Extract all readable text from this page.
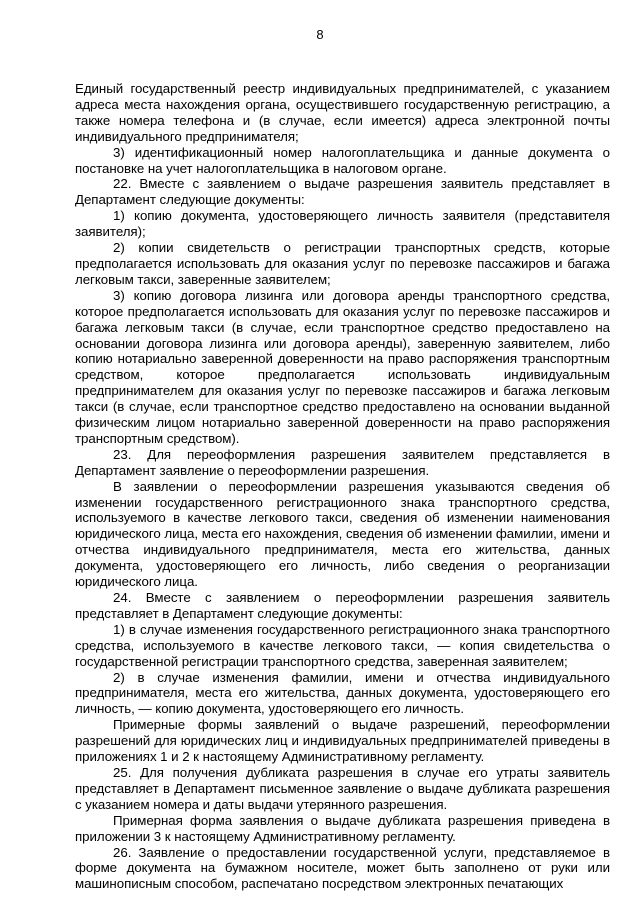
8

Единый государственный реестр индивидуальных предпринимателей, с указанием адреса места нахождения органа, осуществившего государственную регистрацию, а также номера телефона и (в случае, если имеется) адреса электронной почты индивидуального предпринимателя;

3) идентификационный номер налогоплательщика и данные документа о постановке на учет налогоплательщика в налоговом органе.

22. Вместе с заявлением о выдаче разрешения заявитель представляет в Департамент следующие документы:

1) копию документа, удостоверяющего личность заявителя (представителя заявителя);

2) копии свидетельств о регистрации транспортных средств, которые предполагается использовать для оказания услуг по перевозке пассажиров и багажа легковым такси, заверенные заявителем;

3) копию договора лизинга или договора аренды транспортного средства, которое предполагается использовать для оказания услуг по перевозке пассажиров и багажа легковым такси (в случае, если транспортное средство предоставлено на основании договора лизинга или договора аренды), заверенную заявителем, либо копию нотариально заверенной доверенности на право распоряжения транспортным средством, которое предполагается использовать индивидуальным предпринимателем для оказания услуг по перевозке пассажиров и багажа легковым такси (в случае, если транспортное средство предоставлено на основании выданной физическим лицом нотариально заверенной доверенности на право распоряжения транспортным средством).

23. Для переоформления разрешения заявителем представляется в Департамент заявление о переоформлении разрешения.

В заявлении о переоформлении разрешения указываются сведения об изменении государственного регистрационного знака транспортного средства, используемого в качестве легкового такси, сведения об изменении наименования юридического лица, места его нахождения, сведения об изменении фамилии, имени и отчества индивидуального предпринимателя, места его жительства, данных документа, удостоверяющего его личность, либо сведения о реорганизации юридического лица.

24. Вместе с заявлением о переоформлении разрешения заявитель представляет в Департамент следующие документы:

1) в случае изменения государственного регистрационного знака транспортного средства, используемого в качестве легкового такси, — копия свидетельства о государственной регистрации транспортного средства, заверенная заявителем;

2) в случае изменения фамилии, имени и отчества индивидуального предпринимателя, места его жительства, данных документа, удостоверяющего его личность, — копию документа, удостоверяющего его личность.

Примерные формы заявлений о выдаче разрешений, переоформлении разрешений для юридических лиц и индивидуальных предпринимателей приведены в приложениях 1 и 2 к настоящему Административному регламенту.

25. Для получения дубликата разрешения в случае его утраты заявитель представляет в Департамент письменное заявление о выдаче дубликата разрешения с указанием номера и даты выдачи утерянного разрешения.

Примерная форма заявления о выдаче дубликата разрешения приведена в приложении 3 к настоящему Административному регламенту.

26. Заявление о предоставлении государственной услуги, представляемое в форме документа на бумажном носителе, может быть заполнено от руки или машинописным способом, распечатано посредством электронных печатающих
